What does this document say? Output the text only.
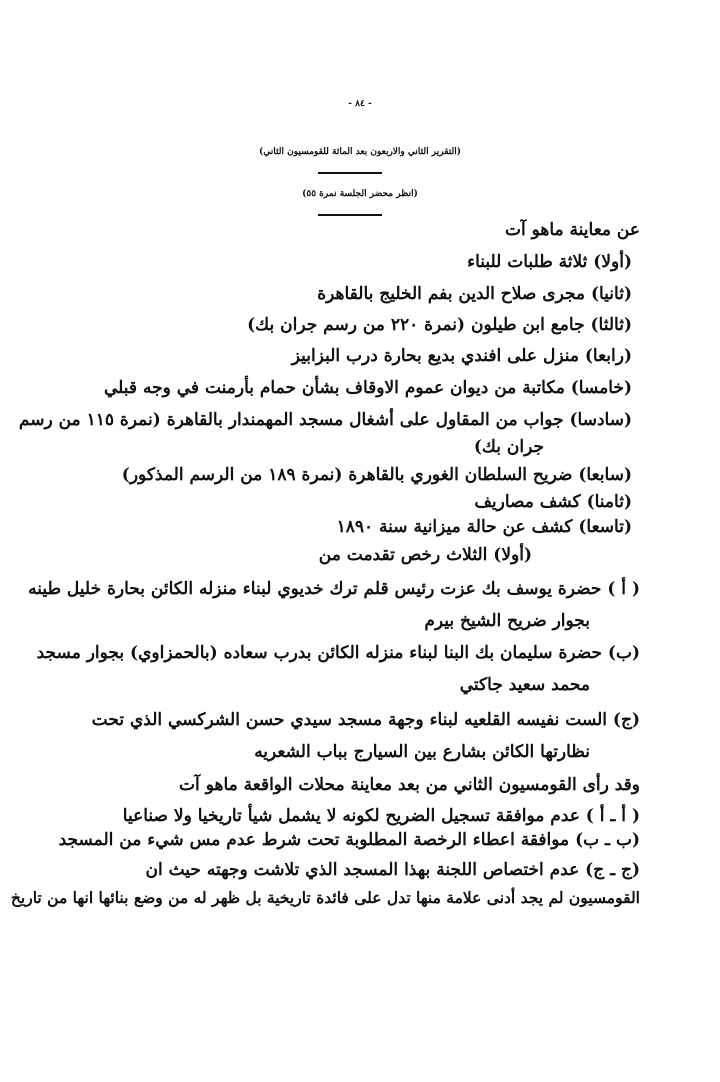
- ٨٤ -
(التقرير الثاني والاربعون بعد المائة للقومسيون الثاني)
(انظر محضر الجلسة نمرة ٥٥)
عن معاينة ماهو آت
(أولا) ثلاثة طلبات للبناء
(ثانيا) مجرى صلاح الدين بفم الخليج بالقاهرة
(ثالثا) جامع ابن طيلون (نمرة ٢٢٠ من رسم جران بك)
(رابعا) منزل على افندي بديع بحارة درب البزابيز
(خامسا) مكاتبة من ديوان عموم الاوقاف بشأن حمام بأرمنت في وجه قبلي
(سادسا) جواب من المقاول على أشغال مسجد المهمندار بالقاهرة (نمرة ١١٥ من رسم
جران بك)
(سابعا) ضريح السلطان الغوري بالقاهرة (نمرة ١٨٩ من الرسم المذكور)
(ثامنا) كشف مصاريف
(تاسعا) كشف عن حالة ميزانية سنة ١٨٩٠
(أولا) الثلاث رخص تقدمت من
( أ ) حضرة يوسف بك عزت رئيس قلم ترك خديوي لبناء منزله الكائن بحارة خليل طينه
بجوار ضريح الشيخ بيرم
(ب) حضرة سليمان بك البنا لبناء منزله الكائن بدرب سعاده (بالحمزاوي) بجوار مسجد
محمد سعيد جاكتي
(ج) الست نفيسه القلعيه لبناء وجهة مسجد سيدي حسن الشركسي الذي تحت
نظارتها الكائن بشارع بين السيارج بباب الشعريه
وقد رأى القومسيون الثاني من بعد معاينة محلات الواقعة ماهو آت
( أ ـ أ ) عدم موافقة تسجيل الضريح لكونه لا يشمل شيأ تاريخيا ولا صناعيا
(ب ـ ب) موافقة اعطاء الرخصة المطلوبة تحت شرط عدم مس شيء من المسجد
(ج ـ ج) عدم اختصاص اللجنة بهذا المسجد الذي تلاشت وجهته حيث ان
القومسيون لم يجد أدنى علامة منها تدل على فائدة تاريخية بل ظهر له من وضع بنائها انها من تاريخ
